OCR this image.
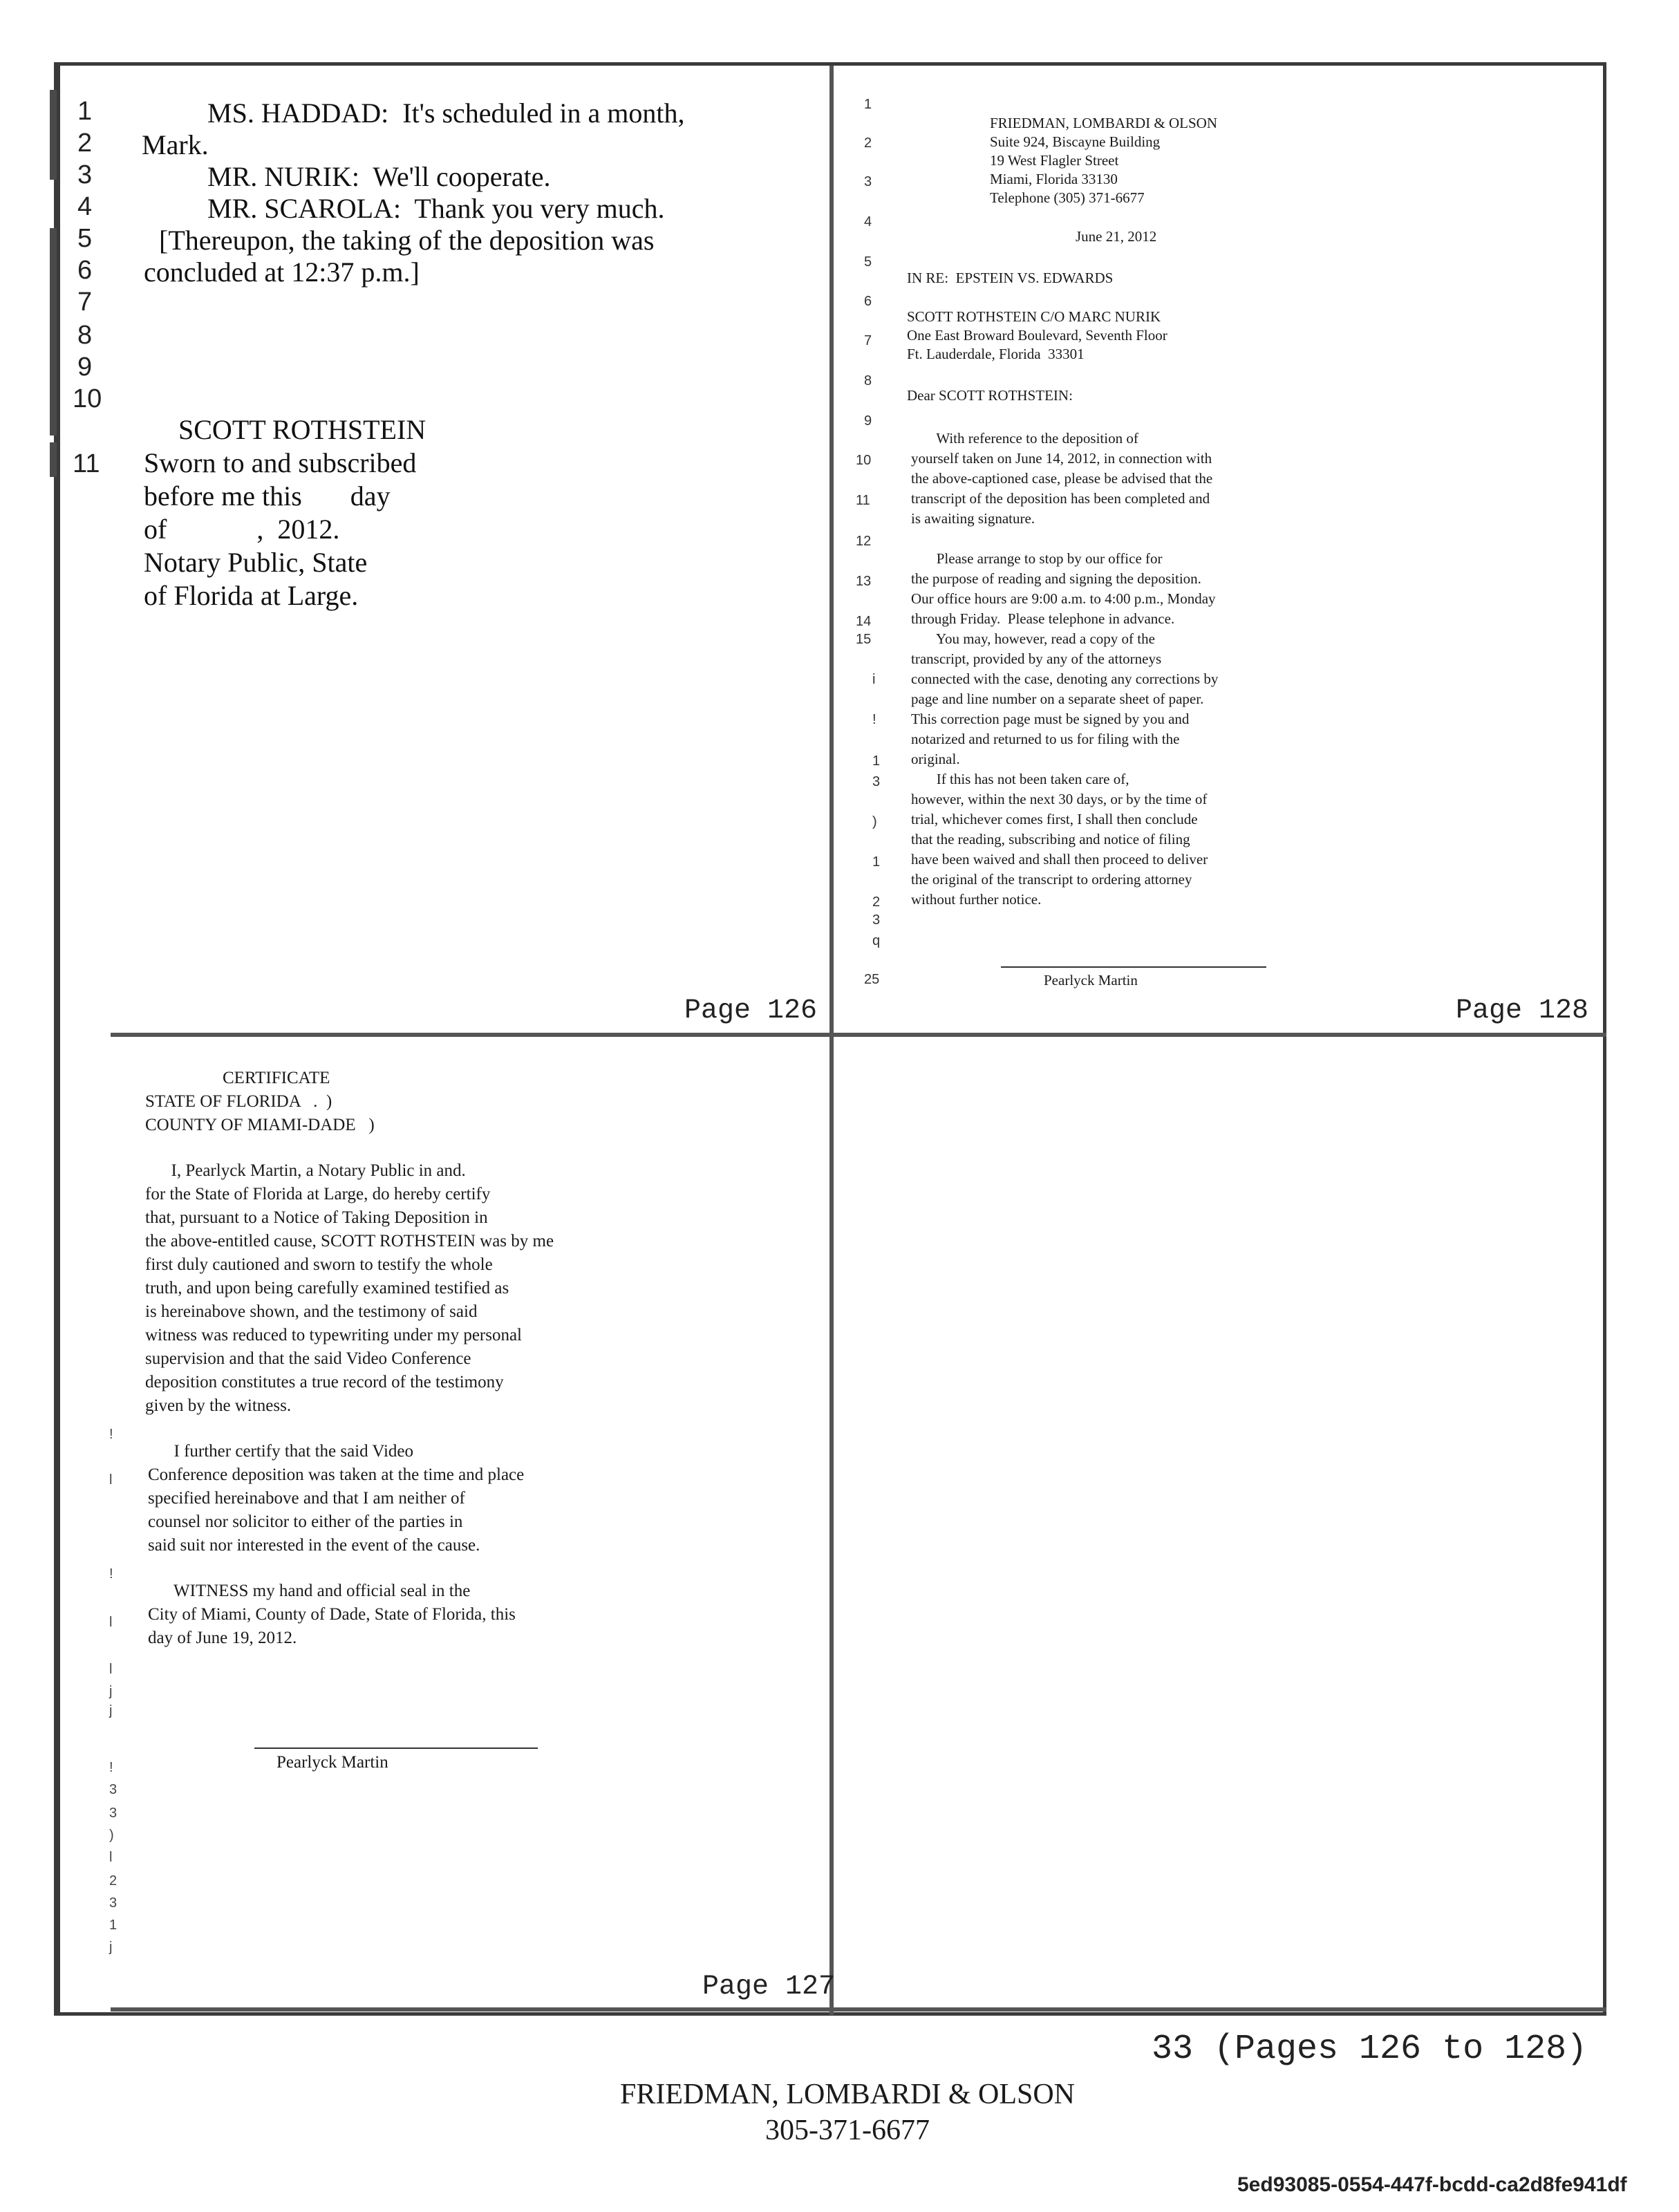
1
2
3
4
5
6
7
8
9
10
11
MS. HADDAD:  It's scheduled in a month,
Mark.
MR. NURIK:  We'll cooperate.
MR. SCAROLA:  Thank you very much.
[Thereupon, the taking of the deposition was
concluded at 12:37 p.m.]
SCOTT ROTHSTEIN
Sworn to and subscribed
before me this       day
of             ,  2012.
Notary Public, State
of Florida at Large.
Page 126
1
2
3
4
5
6
7
8
9
10
11
12
13
14
15
i
!
1
3
)
1
2
3
q
25
FRIEDMAN, LOMBARDI & OLSON
Suite 924, Biscayne Building
19 West Flagler Street
Miami, Florida 33130
Telephone (305) 371-6677
June 21, 2012
IN RE:  EPSTEIN VS. EDWARDS
SCOTT ROTHSTEIN C/O MARC NURIK
One East Broward Boulevard, Seventh Floor
Ft. Lauderdale, Florida  33301
Dear SCOTT ROTHSTEIN:
With reference to the deposition of
yourself taken on June 14, 2012, in connection with
the above-captioned case, please be advised that the
transcript of the deposition has been completed and
is awaiting signature.
Please arrange to stop by our office for
the purpose of reading and signing the deposition.
Our office hours are 9:00 a.m. to 4:00 p.m., Monday
through Friday.  Please telephone in advance.
You may, however, read a copy of the
transcript, provided by any of the attorneys
connected with the case, denoting any corrections by
page and line number on a separate sheet of paper.
This correction page must be signed by you and
notarized and returned to us for filing with the
original.
If this has not been taken care of,
however, within the next 30 days, or by the time of
trial, whichever comes first, I shall then conclude
that the reading, subscribing and notice of filing
have been waived and shall then proceed to deliver
the original of the transcript to ordering attorney
without further notice.
Pearlyck Martin
Page 128
CERTIFICATE
STATE OF FLORIDA   .  )
COUNTY OF MIAMI-DADE   )
I, Pearlyck Martin, a Notary Public in and.
for the State of Florida at Large, do hereby certify
that, pursuant to a Notice of Taking Deposition in
the above-entitled cause, SCOTT ROTHSTEIN was by me
first duly cautioned and sworn to testify the whole
truth, and upon being carefully examined testified as
is hereinabove shown, and the testimony of said
witness was reduced to typewriting under my personal
supervision and that the said Video Conference
deposition constitutes a true record of the testimony
given by the witness.
I further certify that the said Video
Conference deposition was taken at the time and place
specified hereinabove and that I am neither of
counsel nor solicitor to either of the parties in
said suit nor interested in the event of the cause.
WITNESS my hand and official seal in the
City of Miami, County of Dade, State of Florida, this
day of June 19, 2012.
Pearlyck Martin
!
l
!
l
l
j
j
!
3
3
)
l
2
3
1
j
Page 127
33 (Pages 126 to 128)
FRIEDMAN, LOMBARDI & OLSON
305-371-6677
5ed93085-0554-447f-bcdd-ca2d8fe941df
